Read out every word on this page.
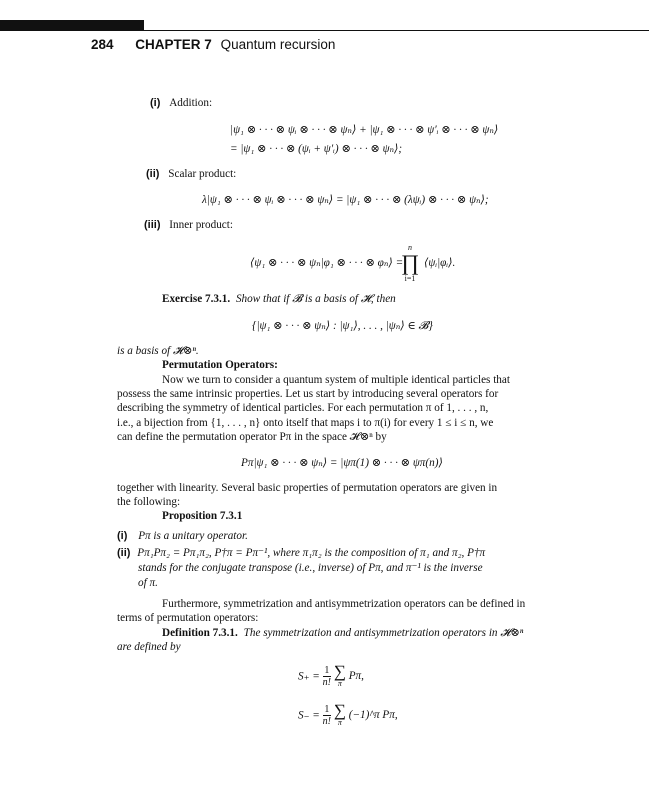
284 CHAPTER 7 Quantum recursion
(i) Addition:
|ψ₁ ⊗ · · · ⊗ ψᵢ ⊗ · · · ⊗ ψₙ⟩ + |ψ₁ ⊗ · · · ⊗ ψ′ᵢ ⊗ · · · ⊗ ψₙ⟩
= |ψ₁ ⊗ · · · ⊗ (ψᵢ + ψ′ᵢ) ⊗ · · · ⊗ ψₙ⟩;
(ii) Scalar product:
λ|ψ₁ ⊗ · · · ⊗ ψᵢ ⊗ · · · ⊗ ψₙ⟩ = |ψ₁ ⊗ · · · ⊗ (λψᵢ) ⊗ · · · ⊗ ψₙ⟩;
(iii) Inner product:
⟨ψ₁ ⊗ · · · ⊗ ψₙ|φ₁ ⊗ · · · ⊗ φₙ⟩ =
n
∏
i=1
⟨ψᵢ|φᵢ⟩.
Exercise 7.3.1. Show that if 𝓑 is a basis of 𝓗, then
{|ψ₁ ⊗ · · · ⊗ ψₙ⟩ : |ψ₁⟩, . . . , |ψₙ⟩ ∈ 𝓑}
is a basis of 𝓗⊗ⁿ.
Permutation Operators:
Now we turn to consider a quantum system of multiple identical particles that
possess the same intrinsic properties. Let us start by introducing several operators for
describing the symmetry of identical particles. For each permutation π of 1, . . . , n,
i.e., a bijection from {1, . . . , n} onto itself that maps i to π(i) for every 1 ≤ i ≤ n, we
can define the permutation operator Pπ in the space 𝓗⊗ⁿ by
Pπ|ψ₁ ⊗ · · · ⊗ ψₙ⟩ = |ψπ(1) ⊗ · · · ⊗ ψπ(n)⟩
together with linearity. Several basic properties of permutation operators are given in
the following:
Proposition 7.3.1
(i) Pπ is a unitary operator.
(ii) Pπ₁Pπ₂ = Pπ₁π₂, P†π = Pπ⁻¹, where π₁π₂ is the composition of π₁ and π₂, P†π
stands for the conjugate transpose (i.e., inverse) of Pπ, and π⁻¹ is the inverse
of π.
Furthermore, symmetrization and antisymmetrization operators can be defined in
terms of permutation operators:
Definition 7.3.1. The symmetrization and antisymmetrization operators in 𝓗⊗ⁿ
are defined by
$S_+ = \frac{1}{n!}$
∑
π
Pπ,
$S_- = \frac{1}{n!}$
∑
π
(−1)^π Pπ,
